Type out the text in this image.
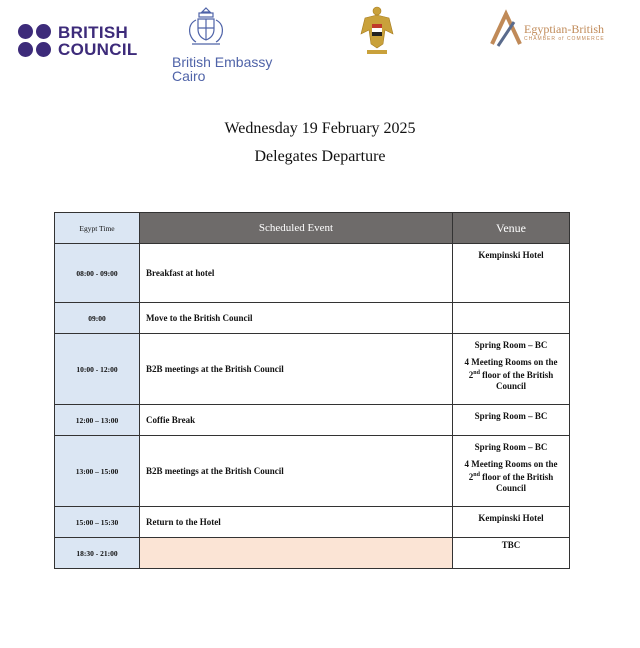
BRITISH
COUNCIL
British Embassy
Cairo
Egyptian-British
CHAMBER of COMMERCE
Wednesday 19 February 2025
Delegates Departure
Egypt Time	Scheduled Event	Venue
08:00 - 09:00	Breakfast at hotel	Kempinski Hotel

09:00	Move to the British Council	
10:00 - 12:00	B2B meetings at the British Council	Spring Room – BC
4 Meeting Rooms on the 2nd floor of the British Council

12:00 – 13:00	Coffie Break	Spring Room – BC

13:00 – 15:00	B2B meetings at the British Council	Spring Room – BC
4 Meeting Rooms on the 2nd floor of the British Council

15:00 – 15:30	Return to the Hotel	Kempinski Hotel

18:30 - 21:00		TBC
